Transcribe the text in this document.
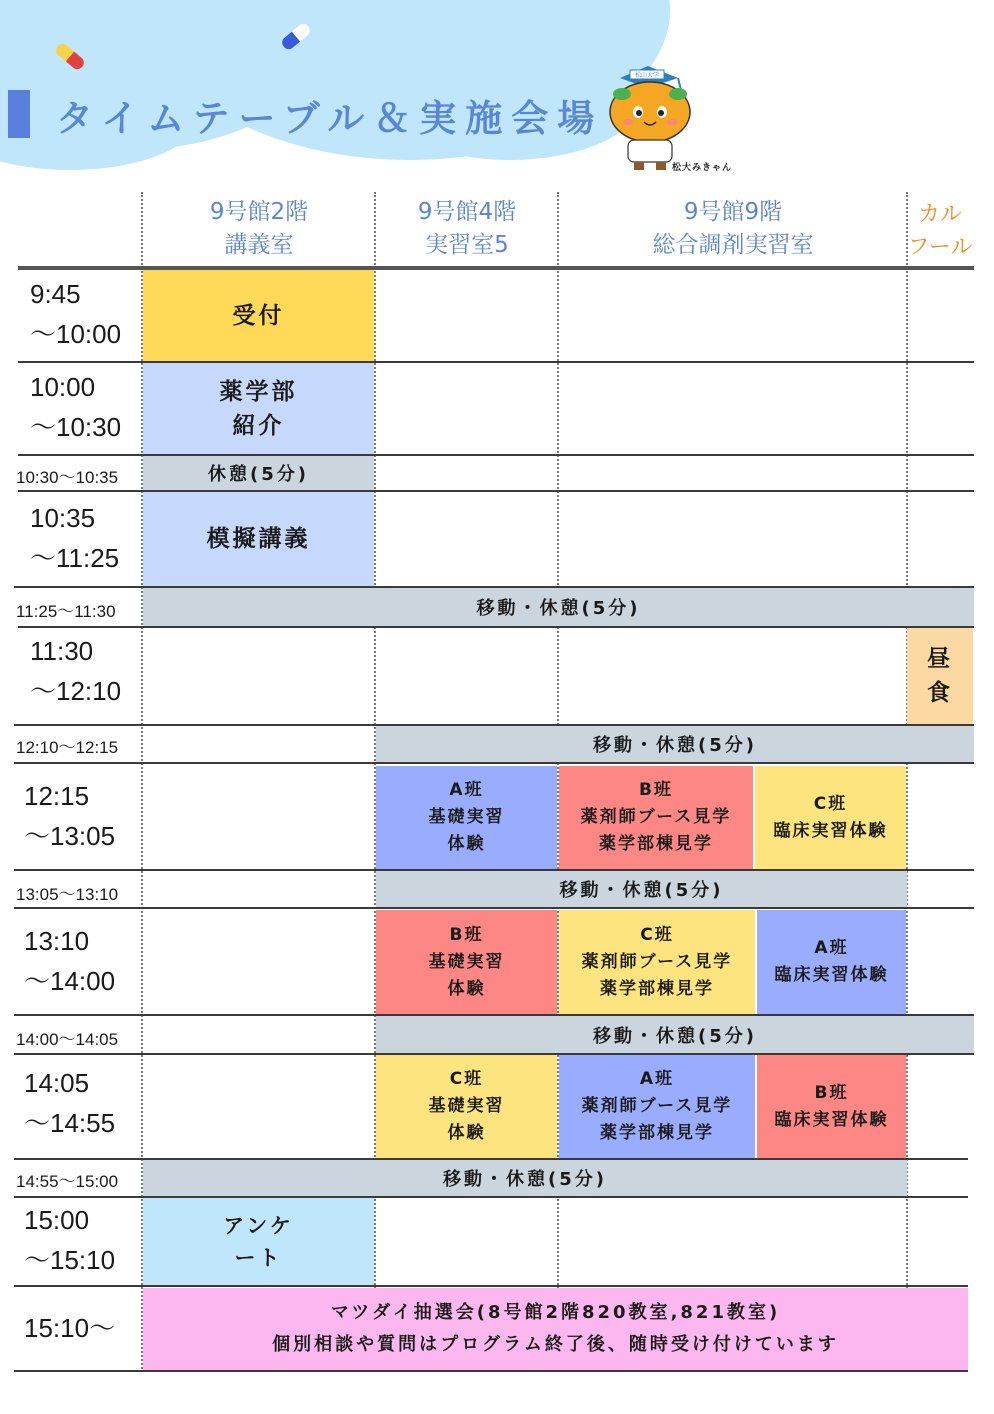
タイムテーブル＆実施会場
松山大学
松大みきゃん
9号館2階
講義室
9号館4階
実習室5
9号館9階
総合調剤実習室
カル
フール
受付
薬学部
紹介
休憩(5分)
模擬講義
移動・休憩(5分)
昼
食
移動・休憩(5分)
A班
基礎実習
体験
B班
薬剤師ブース見学
薬学部棟見学
C班
臨床実習体験
移動・休憩(5分)
B班
基礎実習
体験
C班
薬剤師ブース見学
薬学部棟見学
A班
臨床実習体験
移動・休憩(5分)
C班
基礎実習
体験
A班
薬剤師ブース見学
薬学部棟見学
B班
臨床実習体験
移動・休憩(5分)
アンケ
ート
マツダイ抽選会(8号館2階820教室,821教室)
個別相談や質問はプログラム終了後、随時受け付けています
9:45
～10:00
10:00
～10:30
10:30～10:35
10:35
～11:25
11:25～11:30
11:30
～12:10
12:10～12:15
12:15
～13:05
13:05～13:10
13:10
～14:00
14:00～14:05
14:05
～14:55
14:55～15:00
15:00
～15:10
15:10～
